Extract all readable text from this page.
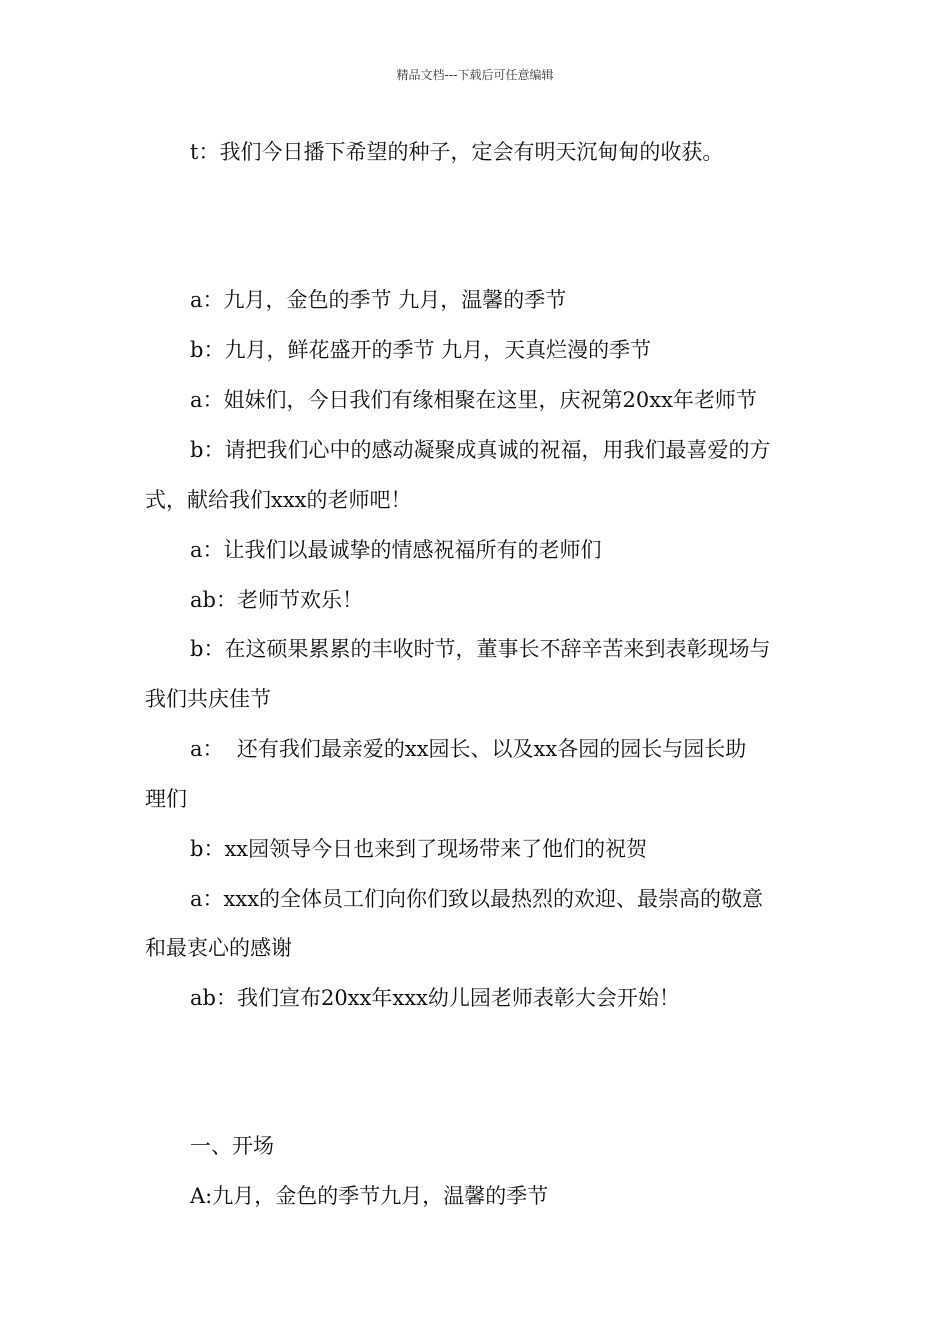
精品文档---下载后可任意编辑
t：我们今日播下希望的种子，定会有明天沉甸甸的收获。
a：九月，金色的季节 九月，温馨的季节
b：九月，鲜花盛开的季节 九月，天真烂漫的季节
a：姐妹们，今日我们有缘相聚在这里，庆祝第20xx年老师节
b：请把我们心中的感动凝聚成真诚的祝福，用我们最喜爱的方
式，献给我们xxx的老师吧！
a：让我们以最诚挚的情感祝福所有的老师们
ab：老师节欢乐！
b：在这硕果累累的丰收时节，董事长不辞辛苦来到表彰现场与
我们共庆佳节
a：  还有我们最亲爱的xx园长、以及xx各园的园长与园长助
理们
b：xx园领导今日也来到了现场带来了他们的祝贺
a：xxx的全体员工们向你们致以最热烈的欢迎、最崇高的敬意
和最衷心的感谢
ab：我们宣布20xx年xxx幼儿园老师表彰大会开始！
一、开场
A:九月，金色的季节九月，温馨的季节
